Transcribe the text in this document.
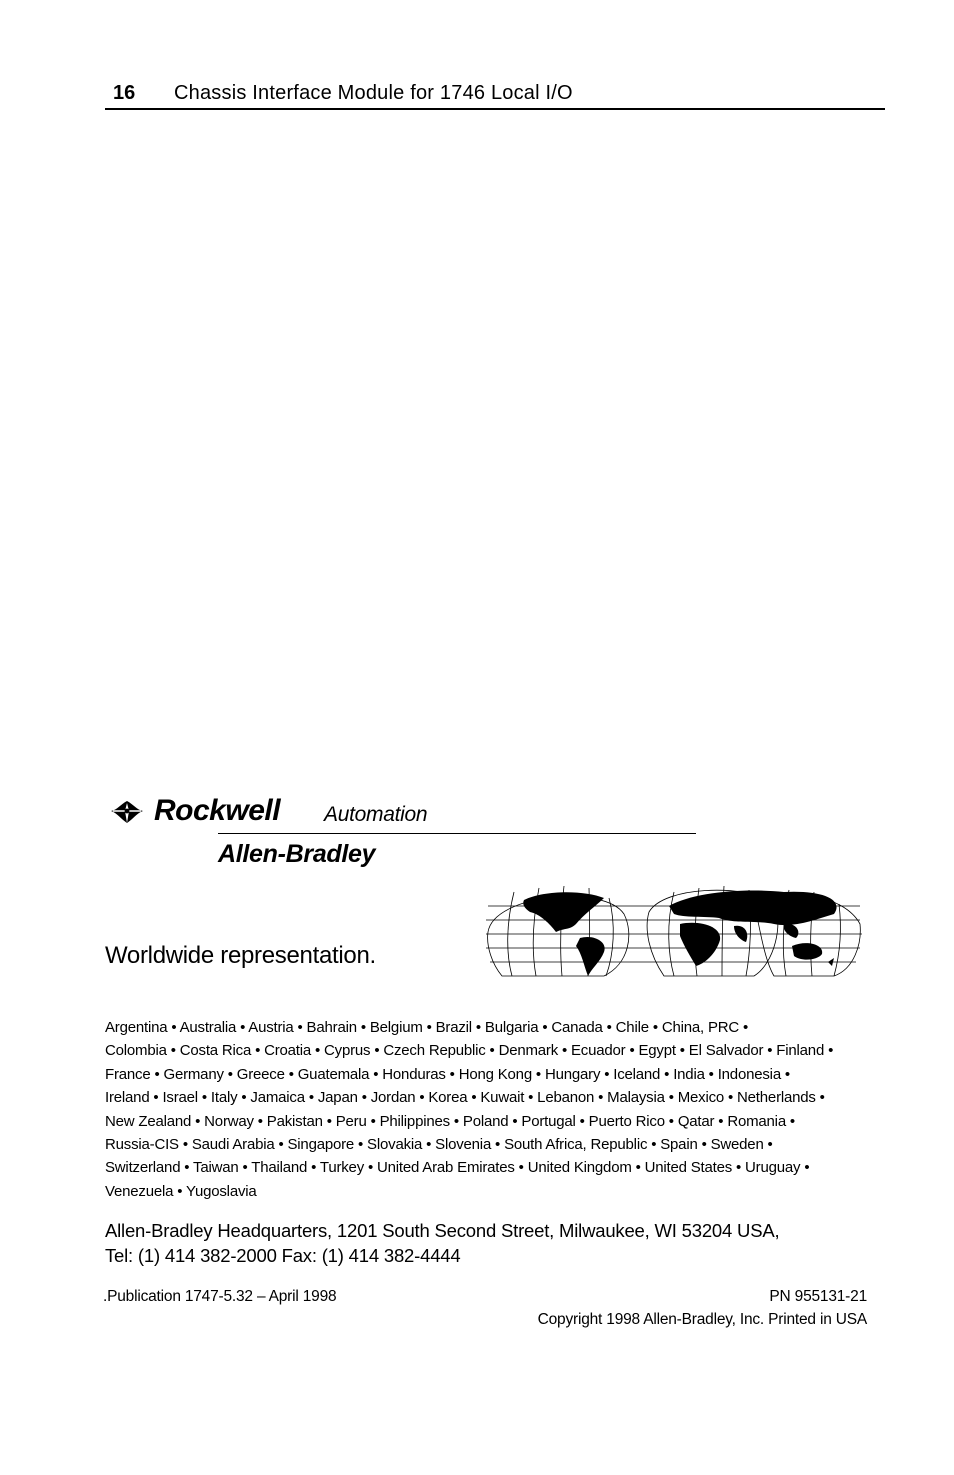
16 Chassis Interface Module for 1746 Local I/O
Rockwell Automation
Allen-Bradley
Worldwide representation.
Argentina • Australia • Austria • Bahrain • Belgium • Brazil • Bulgaria • Canada • Chile • China, PRC •
Colombia • Costa Rica • Croatia • Cyprus • Czech Republic • Denmark • Ecuador • Egypt • El Salvador • Finland •
France • Germany • Greece • Guatemala • Honduras • Hong Kong • Hungary • Iceland • India • Indonesia •
Ireland • Israel • Italy • Jamaica • Japan • Jordan • Korea • Kuwait • Lebanon • Malaysia • Mexico • Netherlands •
New Zealand • Norway • Pakistan • Peru • Philippines • Poland • Portugal • Puerto Rico • Qatar • Romania •
Russia-CIS • Saudi Arabia • Singapore • Slovakia • Slovenia • South Africa, Republic • Spain • Sweden •
Switzerland • Taiwan • Thailand • Turkey • United Arab Emirates • United Kingdom • United States • Uruguay •
Venezuela • Yugoslavia
Allen-Bradley Headquarters, 1201 South Second Street, Milwaukee, WI 53204 USA,
Tel: (1) 414 382-2000 Fax: (1) 414 382-4444
.Publication 1747-5.32 – April 1998	PN 955131-21
Copyright 1998 Allen-Bradley, Inc. Printed in USA
